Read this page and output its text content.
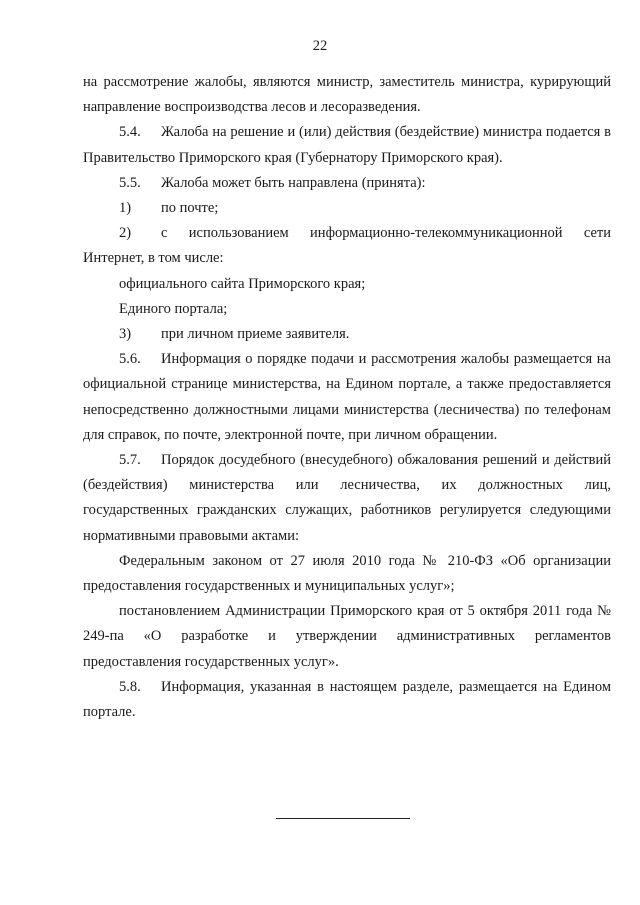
22

на рассмотрение жалобы, являются министр, заместитель министра, курирующий направление воспроизводства лесов и лесоразведения.

5.4. Жалоба на решение и (или) действия (бездействие) министра подается в Правительство Приморского края (Губернатору Приморского края).

5.5. Жалоба может быть направлена (принята):

1)	по почте;
2)	с использованием информационно-телекоммуникационной сети

Интернет, в том числе:

официального сайта Приморского края;

Единого портала;

3)	при личном приеме заявителя.

5.6. Информация о порядке подачи и рассмотрения жалобы размещается на официальной странице министерства, на Едином портале, а также предоставляется непосредственно должностными лицами министерства (лесничества) по телефонам для справок, по почте, электронной почте, при личном обращении.

5.7. Порядок досудебного (внесудебного) обжалования решений и действий (бездействия) министерства или лесничества, их должностных лиц, государственных гражданских служащих, работников регулируется следующими нормативными правовыми актами:

Федеральным законом от 27 июля 2010 года № 210-ФЗ «Об организации предоставления государственных и муниципальных услуг»;

постановлением Администрации Приморского края от 5 октября 2011 года № 249-па «О разработке и утверждении административных регламентов предоставления государственных услуг».

5.8. Информация, указанная в настоящем разделе, размещается на Едином портале.
